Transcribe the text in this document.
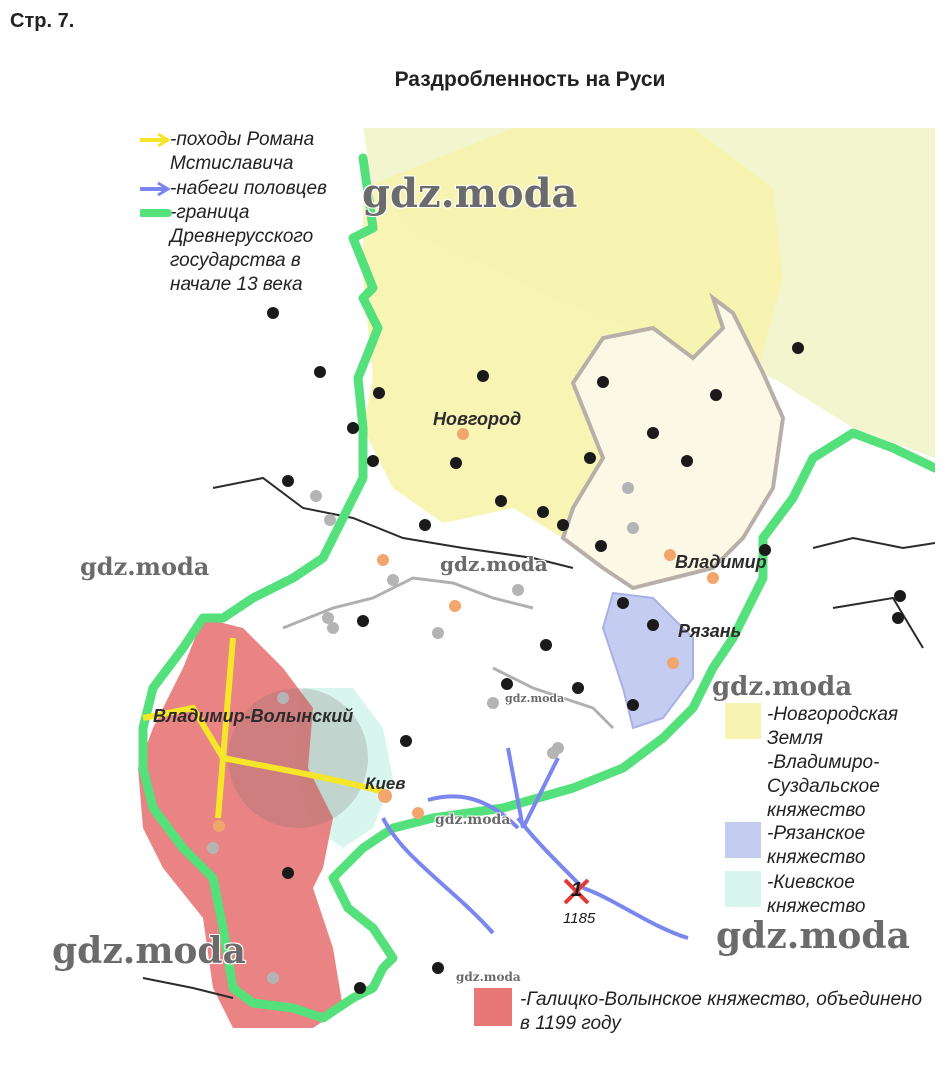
Стр. 7.
Раздробленность на Руси
Новгород
Владимир
Рязань
Владимир-Волынский
Киев
1
1185
-походы Романа Мстиславича
-набеги половцев
-граница Древнерусского государства в начале 13 века
-Новгородская Земля
-Владимиро-Суздальское княжество
-Рязанское княжество
-Киевское княжество
-Галицко-Волынское княжество, объединено в 1199 году
gdz.moda
gdz.moda	gdz.moda
gdz.moda
gdz.moda
gdz.moda
gdz.moda
gdz.moda
gdz.moda
